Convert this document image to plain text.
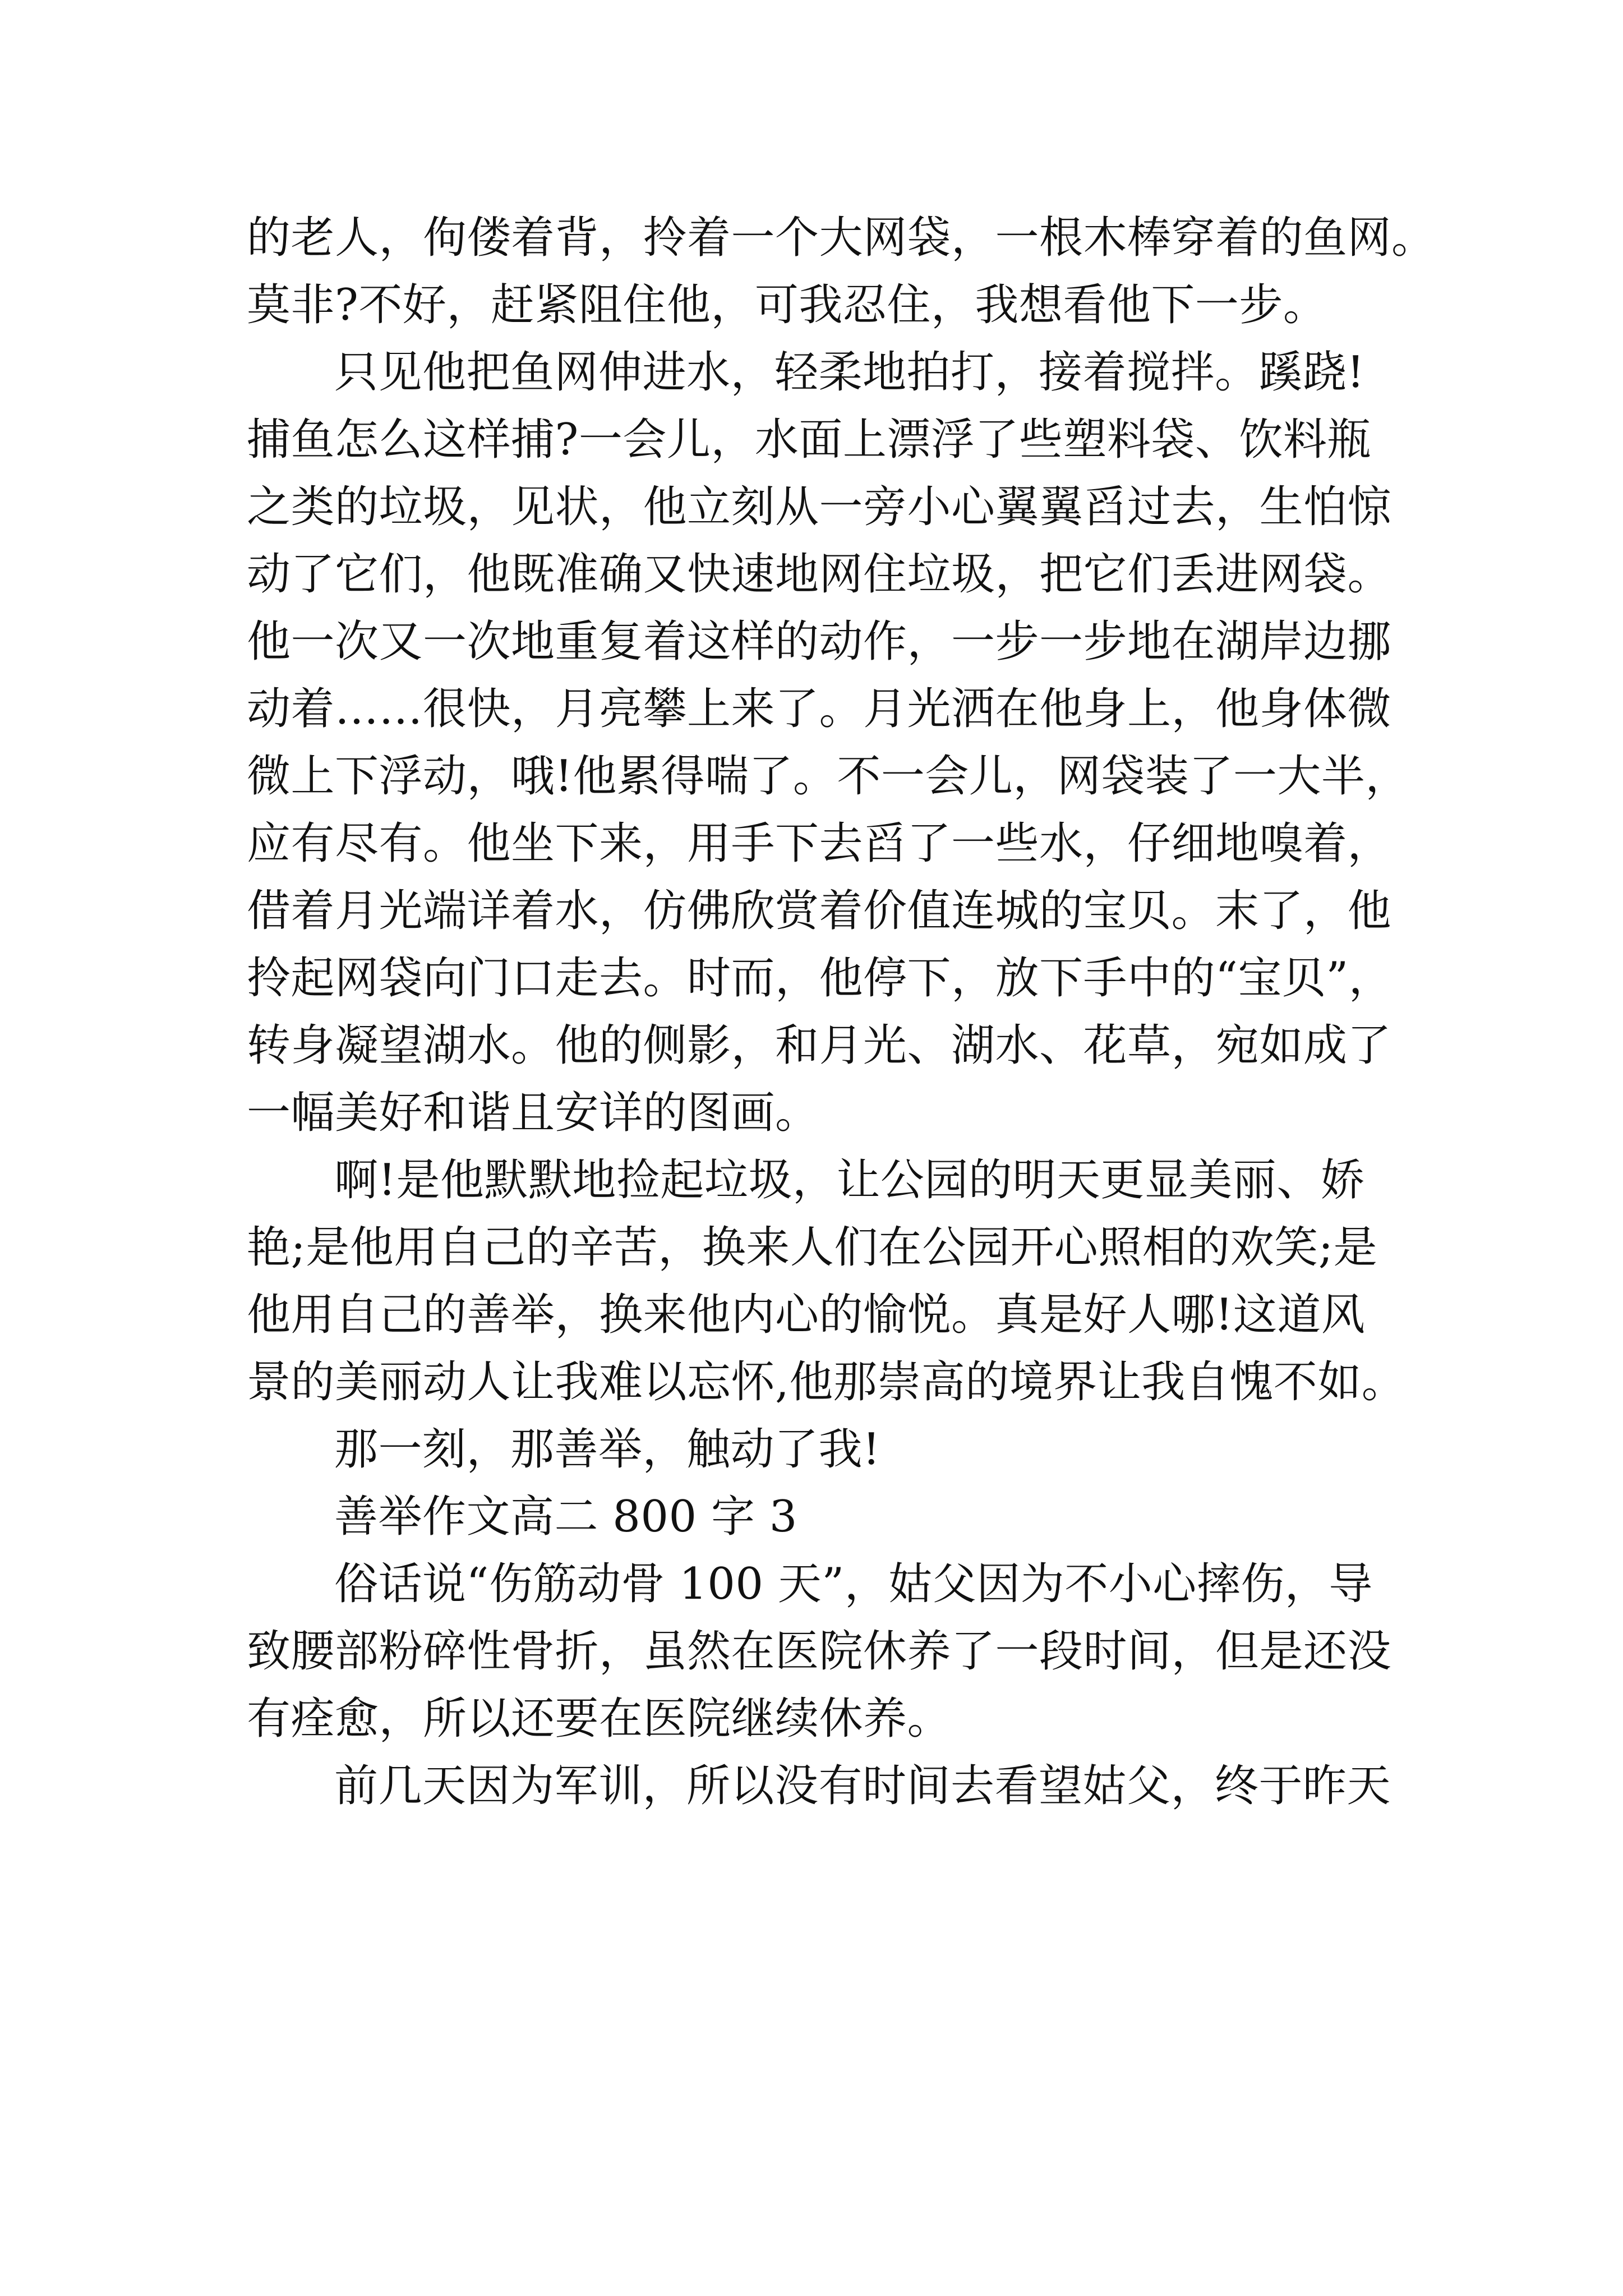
的老人，佝偻着背，拎着一个大网袋，一根木棒穿着的鱼网。
莫非?不好，赶紧阻住他，可我忍住，我想看他下一步。
只见他把鱼网伸进水，轻柔地拍打，接着搅拌。蹊跷!
捕鱼怎么这样捕?一会儿，水面上漂浮了些塑料袋、饮料瓶
之类的垃圾，见状，他立刻从一旁小心翼翼舀过去，生怕惊
动了它们，他既准确又快速地网住垃圾，把它们丢进网袋。
他一次又一次地重复着这样的动作，一步一步地在湖岸边挪
动着……很快，月亮攀上来了。月光洒在他身上，他身体微
微上下浮动，哦!他累得喘了。不一会儿，网袋装了一大半，
应有尽有。他坐下来，用手下去舀了一些水，仔细地嗅着，
借着月光端详着水，仿佛欣赏着价值连城的宝贝。末了，他
拎起网袋向门口走去。时而，他停下，放下手中的“宝贝”，
转身凝望湖水。他的侧影，和月光、湖水、花草，宛如成了
一幅美好和谐且安详的图画。
啊!是他默默地捡起垃圾，让公园的明天更显美丽、娇
艳;是他用自己的辛苦，换来人们在公园开心照相的欢笑;是
他用自己的善举，换来他内心的愉悦。真是好人哪!这道风
景的美丽动人让我难以忘怀,他那崇高的境界让我自愧不如。
那一刻，那善举，触动了我!
善举作文高二 800 字 3
俗话说“伤筋动骨 100 天”，姑父因为不小心摔伤，导
致腰部粉碎性骨折，虽然在医院休养了一段时间，但是还没
有痊愈，所以还要在医院继续休养。
前几天因为军训，所以没有时间去看望姑父，终于昨天
